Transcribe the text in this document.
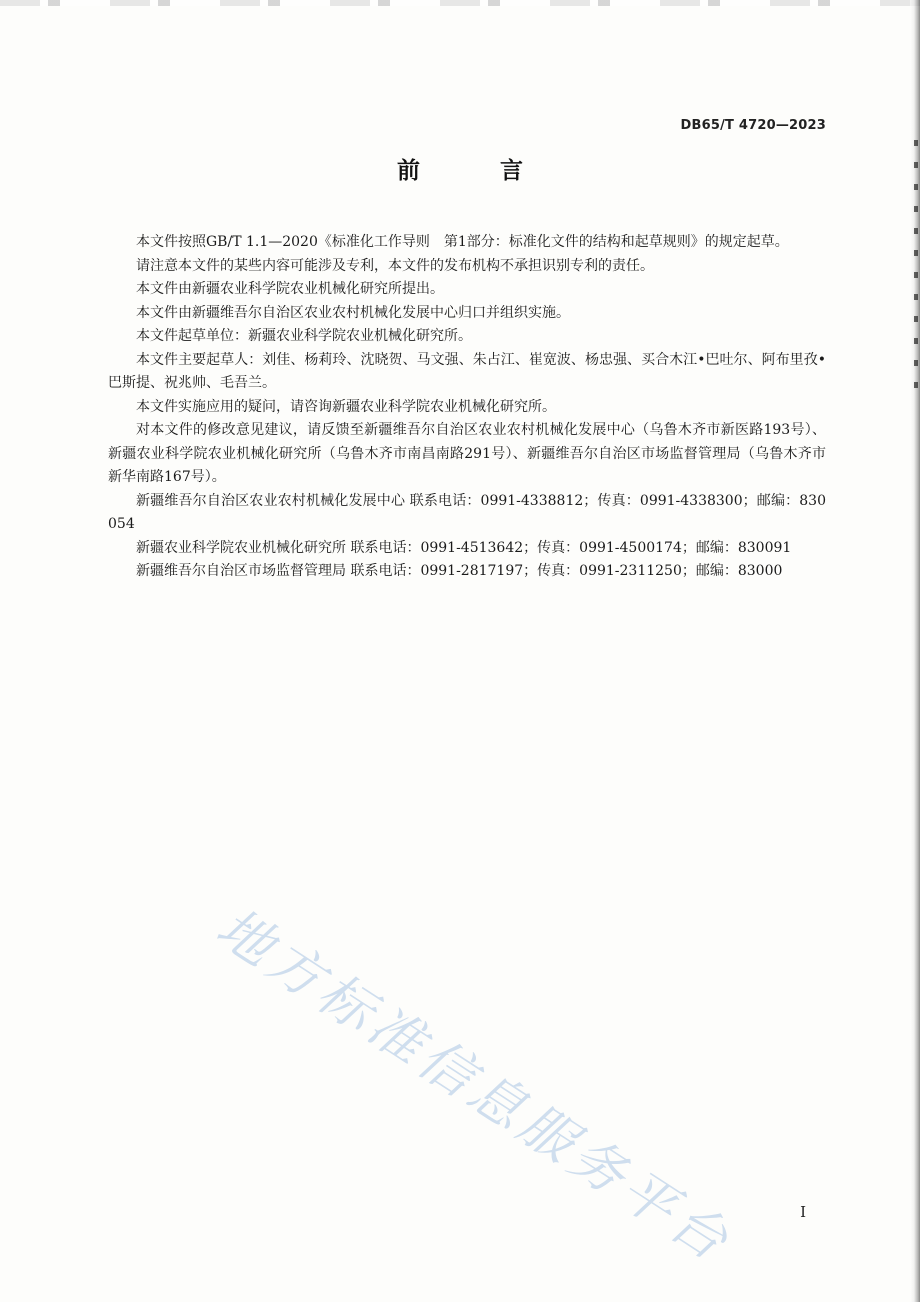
DB65/T 4720—2023
前 言

本文件按照GB/T 1.1—2020《标准化工作导则　第1部分：标准化文件的结构和起草规则》的规定起草。

请注意本文件的某些内容可能涉及专利，本文件的发布机构不承担识别专利的责任。

本文件由新疆农业科学院农业机械化研究所提出。

本文件由新疆维吾尔自治区农业农村机械化发展中心归口并组织实施。

本文件起草单位：新疆农业科学院农业机械化研究所。

本文件主要起草人：刘佳、杨莉玲、沈晓贺、马文强、朱占江、崔宽波、杨忠强、买合木江•巴吐尔、阿布里孜•巴斯提、祝兆帅、毛吾兰。

本文件实施应用的疑问，请咨询新疆农业科学院农业机械化研究所。

对本文件的修改意见建议，请反馈至新疆维吾尔自治区农业农村机械化发展中心（乌鲁木齐市新医路193号）、新疆农业科学院农业机械化研究所（乌鲁木齐市南昌南路291号）、新疆维吾尔自治区市场监督管理局（乌鲁木齐市新华南路167号）。

新疆维吾尔自治区农业农村机械化发展中心 联系电话：0991-4338812；传真：0991-4338300；邮编：830054

新疆农业科学院农业机械化研究所 联系电话：0991-4513642；传真：0991-4500174；邮编：830091

新疆维吾尔自治区市场监督管理局 联系电话：0991-2817197；传真：0991-2311250；邮编：83000

地方标准信息服务平台	I
